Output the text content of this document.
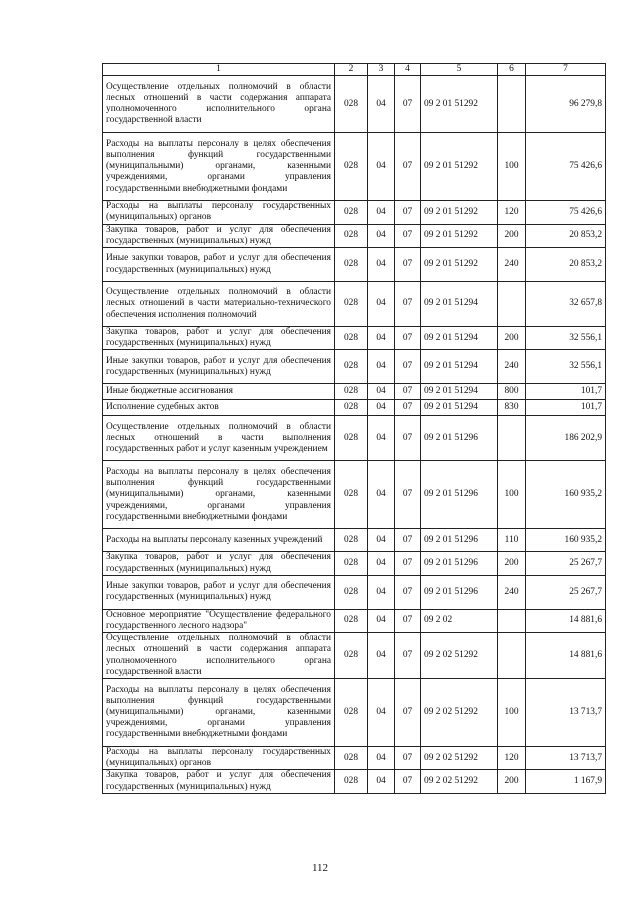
1	2	3	4	5	6	7
Осуществление отдельных полномочий в области лесных отношений в части содержания аппарата уполномоченного исполнительного органа государственной власти	028	04	07	09 2 01 51292		96 279,8
Расходы на выплаты персоналу в целях обеспечения выполнения функций государственными (муниципальными) органами, казенными учреждениями, органами управления государственными внебюджетными фондами	028	04	07	09 2 01 51292	100	75 426,6
Расходы на выплаты персоналу государственных (муниципальных) органов	028	04	07	09 2 01 51292	120	75 426,6
Закупка товаров, работ и услуг для обеспечения государственных (муниципальных) нужд	028	04	07	09 2 01 51292	200	20 853,2
Иные закупки товаров, работ и услуг для обеспечения государственных (муниципальных) нужд	028	04	07	09 2 01 51292	240	20 853,2
Осуществление отдельных полномочий в области лесных отношений в части материально-технического обеспечения исполнения полномочий	028	04	07	09 2 01 51294		32 657,8
Закупка товаров, работ и услуг для обеспечения государственных (муниципальных) нужд	028	04	07	09 2 01 51294	200	32 556,1
Иные закупки товаров, работ и услуг для обеспечения государственных (муниципальных) нужд	028	04	07	09 2 01 51294	240	32 556,1
Иные бюджетные ассигнования	028	04	07	09 2 01 51294	800	101,7
Исполнение судебных актов	028	04	07	09 2 01 51294	830	101,7
Осуществление отдельных полномочий в области лесных отношений в части выполнения государственных работ и услуг казенным учреждением	028	04	07	09 2 01 51296		186 202,9
Расходы на выплаты персоналу в целях обеспечения выполнения функций государственными (муниципальными) органами, казенными учреждениями, органами управления государственными внебюджетными фондами	028	04	07	09 2 01 51296	100	160 935,2
Расходы на выплаты персоналу казенных учреждений	028	04	07	09 2 01 51296	110	160 935,2
Закупка товаров, работ и услуг для обеспечения государственных (муниципальных) нужд	028	04	07	09 2 01 51296	200	25 267,7
Иные закупки товаров, работ и услуг для обеспечения государственных (муниципальных) нужд	028	04	07	09 2 01 51296	240	25 267,7
Основное мероприятие "Осуществление федерального государственного лесного надзора"	028	04	07	09 2 02		14 881,6
Осуществление отдельных полномочий в области лесных отношений в части содержания аппарата уполномоченного исполнительного органа государственной власти	028	04	07	09 2 02 51292		14 881,6
Расходы на выплаты персоналу в целях обеспечения выполнения функций государственными (муниципальными) органами, казенными учреждениями, органами управления государственными внебюджетными фондами	028	04	07	09 2 02 51292	100	13 713,7
Расходы на выплаты персоналу государственных (муниципальных) органов	028	04	07	09 2 02 51292	120	13 713,7
Закупка товаров, работ и услуг для обеспечения государственных (муниципальных) нужд	028	04	07	09 2 02 51292	200	1 167,9
112
